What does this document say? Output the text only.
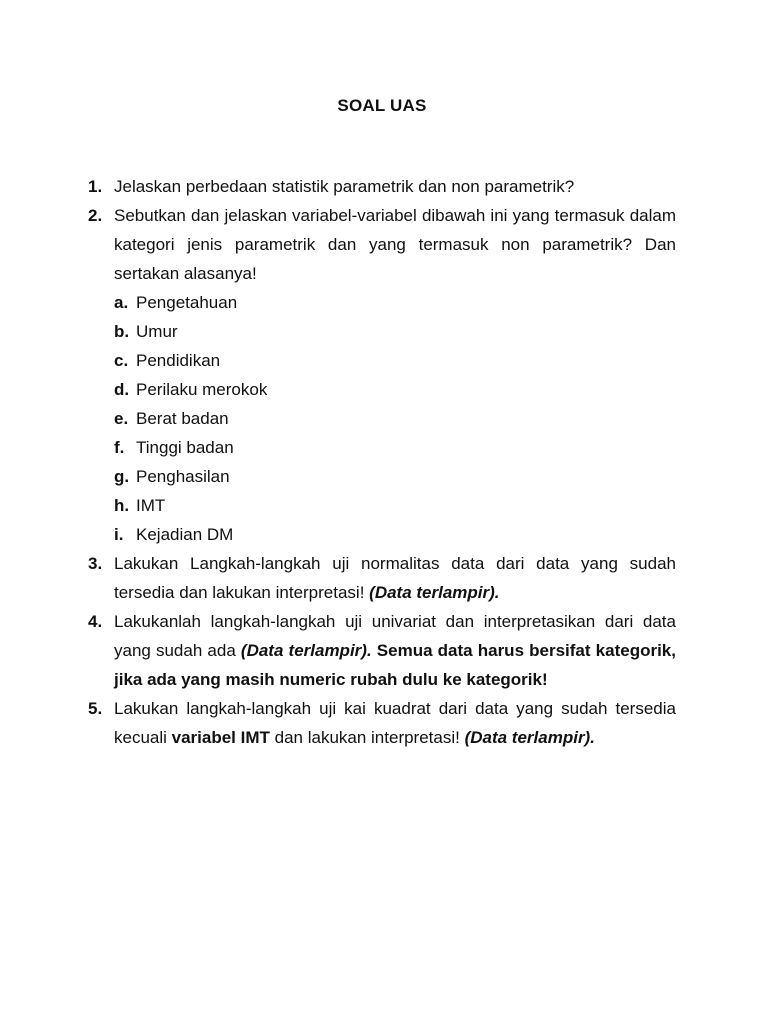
SOAL UAS
1. Jelaskan perbedaan statistik parametrik dan non parametrik?

2. Sebutkan dan jelaskan variabel-variabel dibawah ini yang termasuk dalam kategori jenis parametrik dan yang termasuk non parametrik? Dan sertakan alasanya!

a. Pengetahuan
b. Umur
c. Pendidikan
d. Perilaku merokok
e. Berat badan
f. Tinggi badan
g. Penghasilan
h. IMT
i. Kejadian DM
3. Lakukan Langkah-langkah uji normalitas data dari data yang sudah tersedia dan lakukan interpretasi! (Data terlampir).

4. Lakukanlah langkah-langkah uji univariat dan interpretasikan dari data yang sudah ada (Data terlampir). Semua data harus bersifat kategorik, jika ada yang masih numeric rubah dulu ke kategorik!

5. Lakukan langkah-langkah uji kai kuadrat dari data yang sudah tersedia kecuali variabel IMT dan lakukan interpretasi! (Data terlampir).
